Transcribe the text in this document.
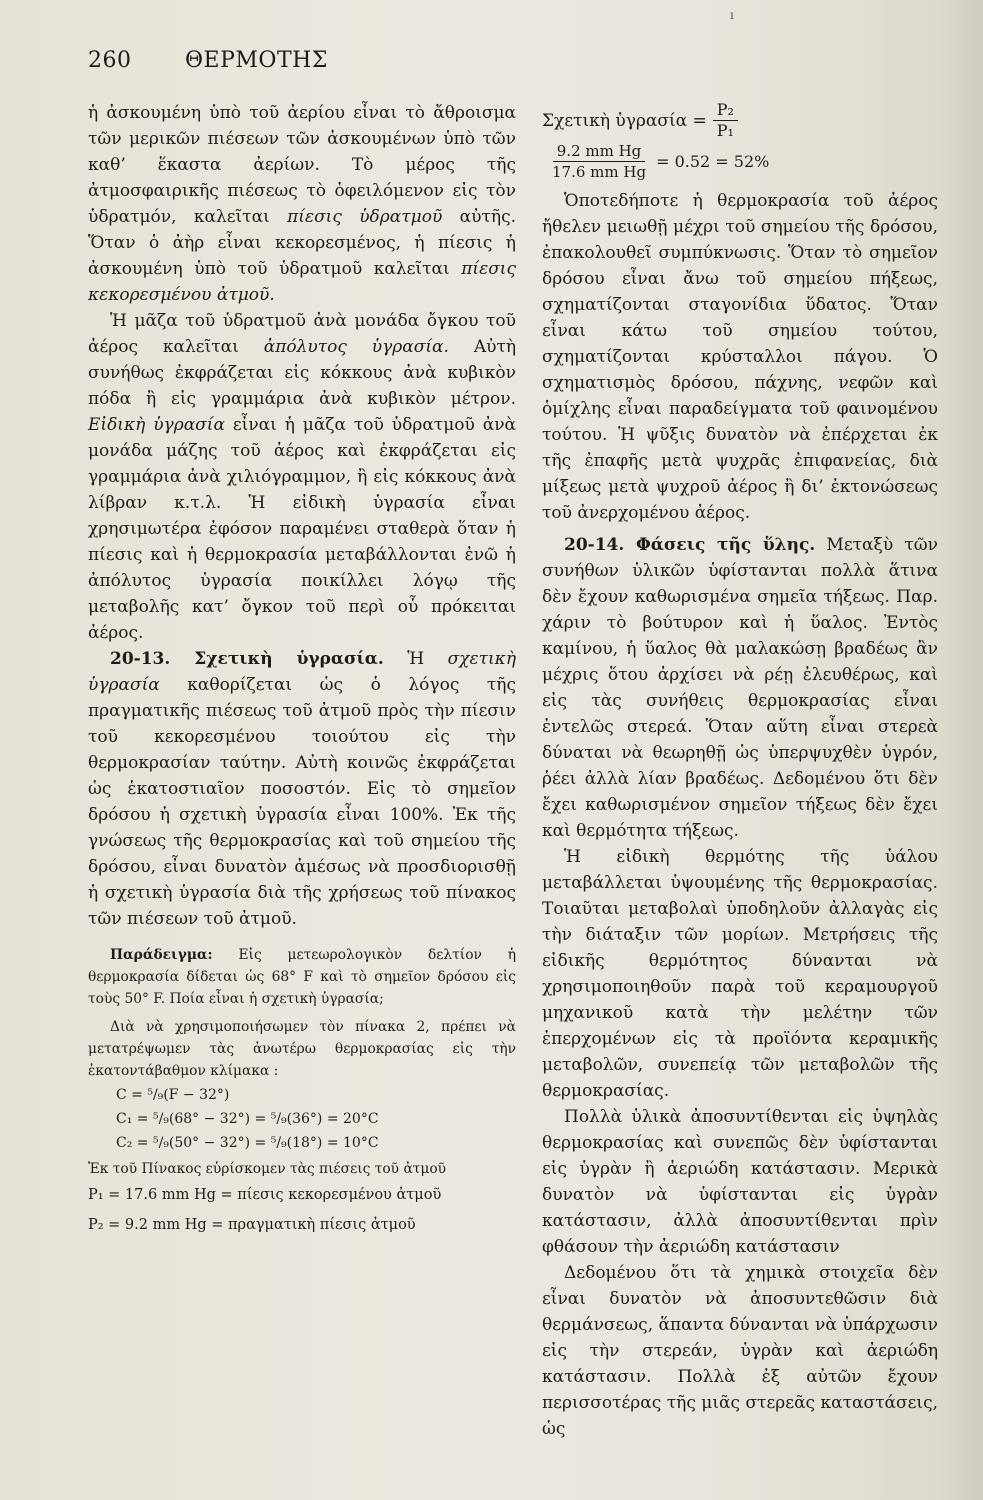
ı
260 ΘΕΡΜΟΤΗΣ

ἡ ἀσκουμένη ὑπὸ τοῦ ἀερίου εἶναι τὸ ἄθροισμα τῶν μερικῶν πιέσεων τῶν ἀσκουμένων ὑπὸ τῶν καθ’ ἕκαστα ἀερίων. Τὸ μέρος τῆς ἀτμοσφαιρικῆς πιέσεως τὸ ὀφειλόμενον εἰς τὸν ὑδρατμόν, καλεῖται πίεσις ὑδρατμοῦ αὐτῆς. Ὅταν ὁ ἀὴρ εἶναι κεκορεσμένος, ἡ πίεσις ἡ ἀσκουμένη ὑπὸ τοῦ ὑδρατμοῦ καλεῖται πίεσις κεκορεσμένου ἀτμοῦ.

Ἡ μᾶζα τοῦ ὑδρατμοῦ ἀνὰ μονάδα ὄγκου τοῦ ἀέρος καλεῖται ἀπόλυτος ὑγρασία. Αὐτὴ συνήθως ἐκφράζεται εἰς κόκκους ἀνὰ κυβικὸν πόδα ἢ εἰς γραμμάρια ἀνὰ κυβικὸν μέτρον. Εἰδικὴ ὑγρασία εἶναι ἡ μᾶζα τοῦ ὑδρατμοῦ ἀνὰ μονάδα μάζης τοῦ ἀέρος καὶ ἐκφράζεται εἰς γραμμάρια ἀνὰ χιλιόγραμμον, ἢ εἰς κόκκους ἀνὰ λίβραν κ.τ.λ. Ἡ εἰδικὴ ὑγρασία εἶναι χρησιμωτέρα ἐφόσον παραμένει σταθερὰ ὅταν ἡ πίεσις καὶ ἡ θερμοκρασία μεταβάλλονται ἐνῶ ἡ ἀπόλυτος ὑγρασία ποικίλλει λόγῳ τῆς μεταβολῆς κατ’ ὄγκον τοῦ περὶ οὗ πρόκειται ἀέρος.

20-13. Σχετικὴ ὑγρασία. Ἡ σχετικὴ ὑγρασία καθορίζεται ὡς ὁ λόγος τῆς πραγματικῆς πιέσεως τοῦ ἀτμοῦ πρὸς τὴν πίεσιν τοῦ κεκορεσμένου τοιούτου εἰς τὴν θερμοκρασίαν ταύτην. Αὐτὴ κοινῶς ἐκφράζεται ὡς ἑκατοστιαῖον ποσοστόν. Εἰς τὸ σημεῖον δρόσου ἡ σχετικὴ ὑγρασία εἶναι 100%. Ἐκ τῆς γνώσεως τῆς θερμοκρασίας καὶ τοῦ σημείου τῆς δρόσου, εἶναι δυνατὸν ἀμέσως νὰ προσδιορισθῇ ἡ σχετικὴ ὑγρασία διὰ τῆς χρήσεως τοῦ πίνακος τῶν πιέσεων τοῦ ἀτμοῦ.

Παράδειγμα: Εἰς μετεωρολογικὸν δελτίον ἡ θερμοκρασία δίδεται ὡς 68° F καὶ τὸ σημεῖον δρόσου εἰς τοὺς 50° F. Ποία εἶναι ἡ σχετικὴ ὑγρασία;

Διὰ νὰ χρησιμοποιήσωμεν τὸν πίνακα 2, πρέπει νὰ μετατρέψωμεν τὰς ἀνωτέρω θερμοκρασίας εἰς τὴν ἑκατοντάβαθμον κλίμακα :

C = ⁵/₉(F − 32°)
C₁ = ⁵/₉(68° − 32°) = ⁵/₉(36°) = 20°C
C₂ = ⁵/₉(50° − 32°) = ⁵/₉(18°) = 10°C

Ἐκ τοῦ Πίνακος εὑρίσκομεν τὰς πιέσεις τοῦ ἀτμοῦ

P₁ = 17.6 mm Hg = πίεσις κεκορεσμένου ἀτμοῦ
P₂ = 9.2 mm Hg = πραγματικὴ πίεσις ἀτμοῦ
Σχετικὴ ὑγρασία = $\frac{\text{P₂}}{\text{P₁}}$
$\frac{\text{9.2 mm Hg}}{\text{17.6 mm Hg}} = 0.52 = 52\%$

Ὁποτεδήποτε ἡ θερμοκρασία τοῦ ἀέρος ἤθελεν μειωθῇ μέχρι τοῦ σημείου τῆς δρόσου, ἐπακολουθεῖ συμπύκνωσις. Ὅταν τὸ σημεῖον δρόσου εἶναι ἄνω τοῦ σημείου πήξεως, σχηματίζονται σταγονίδια ὕδατος. Ὅταν εἶναι κάτω τοῦ σημείου τούτου, σχηματίζονται κρύσταλλοι πάγου. Ὁ σχηματισμὸς δρόσου, πάχνης, νεφῶν καὶ ὁμίχλης εἶναι παραδείγματα τοῦ φαινομένου τούτου. Ἡ ψῦξις δυνατὸν νὰ ἐπέρχεται ἐκ τῆς ἐπαφῆς μετὰ ψυχρᾶς ἐπιφανείας, διὰ μίξεως μετὰ ψυχροῦ ἀέρος ἢ δι’ ἐκτονώσεως τοῦ ἀνερχομένου ἀέρος.

20-14. Φάσεις τῆς ὕλης. Μεταξὺ τῶν συνήθων ὑλικῶν ὑφίστανται πολλὰ ἅτινα δὲν ἔχουν καθωρισμένα σημεῖα τήξεως. Παρ. χάριν τὸ βούτυρον καὶ ἡ ὕαλος. Ἐντὸς καμίνου, ἡ ὕαλος θὰ μαλακώσῃ βραδέως ἂν μέχρις ὅτου ἀρχίσει νὰ ρέῃ ἐλευθέρως, καὶ εἰς τὰς συνήθεις θερμοκρασίας εἶναι ἐντελῶς στερεά. Ὅταν αὕτη εἶναι στερεὰ δύναται νὰ θεωρηθῇ ὡς ὑπερψυχθὲν ὑγρόν, ῥέει ἀλλὰ λίαν βραδέως. Δεδομένου ὅτι δὲν ἔχει καθωρισμένον σημεῖον τήξεως δὲν ἔχει καὶ θερμότητα τήξεως.

Ἡ εἰδικὴ θερμότης τῆς ὑάλου μεταβάλλεται ὑψουμένης τῆς θερμοκρασίας. Τοιαῦται μεταβολαὶ ὑποδηλοῦν ἀλλαγὰς εἰς τὴν διάταξιν τῶν μορίων. Μετρήσεις τῆς εἰδικῆς θερμότητος δύνανται νὰ χρησιμοποιηθοῦν παρὰ τοῦ κεραμουργοῦ μηχανικοῦ κατὰ τὴν μελέτην τῶν ἐπερχομένων εἰς τὰ προϊόντα κεραμικῆς μεταβολῶν, συνεπείᾳ τῶν μεταβολῶν τῆς θερμοκρασίας.

Πολλὰ ὑλικὰ ἀποσυντίθενται εἰς ὑψηλὰς θερμοκρασίας καὶ συνεπῶς δὲν ὑφίστανται εἰς ὑγρὰν ἢ ἀεριώδη κατάστασιν. Μερικὰ δυνατὸν νὰ ὑφίστανται εἰς ὑγρὰν κατάστασιν, ἀλλὰ ἀποσυντίθενται πρὶν φθάσουν τὴν ἀεριώδη κατάστασιν

Δεδομένου ὅτι τὰ χημικὰ στοιχεῖα δὲν εἶναι δυνατὸν νὰ ἀποσυντεθῶσιν διὰ θερμάνσεως, ἅπαντα δύνανται νὰ ὑπάρχωσιν εἰς τὴν στερεάν, ὑγρὰν καὶ ἀεριώδη κατάστασιν. Πολλὰ ἐξ αὐτῶν ἔχουν περισσοτέρας τῆς μιᾶς στερεᾶς καταστάσεις, ὡς
